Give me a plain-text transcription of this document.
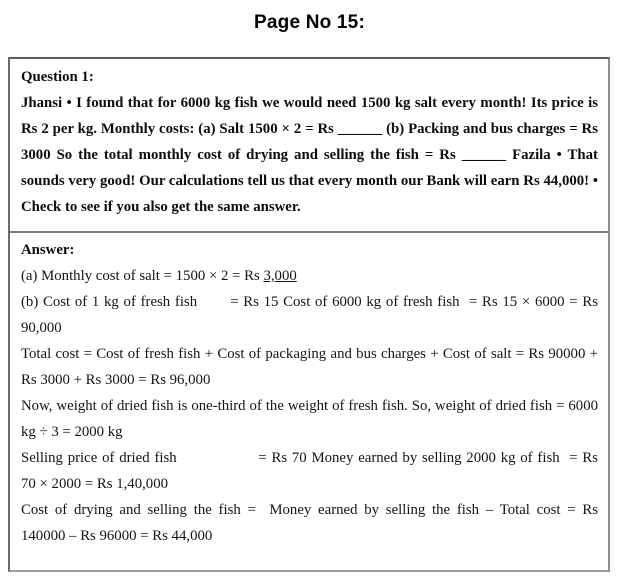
Page No 15:
Question 1:
Jhansi • I found that for 6000 kg fish we would need 1500 kg salt every month! Its price is
Rs 2 per kg. Monthly costs: (a) Salt 1500 × 2 = Rs ______ (b) Packing and bus charges = Rs
3000 So the total monthly cost of drying and selling the fish = Rs ______ Fazila • That
sounds very good! Our calculations tell us that every month our Bank will earn Rs 44,000! •
Check to see if you also get the same answer.
Answer:
(a) Monthly cost of salt = 1500 × 2 = Rs 3,000
(b) Cost of 1 kg of fresh fish       = Rs 15 Cost of 6000 kg of fresh fish  = Rs 15 × 6000 = Rs
90,000
Total cost = Cost of fresh fish + Cost of packaging and bus charges + Cost of salt = Rs 90000 +
Rs 3000 + Rs 3000 = Rs 96,000
Now, weight of dried fish is one-third of the weight of fresh fish. So, weight of dried fish = 6000
kg ÷ 3 = 2000 kg
Selling price of dried fish                 = Rs 70 Money earned by selling 2000 kg of fish  = Rs
70 × 2000 = Rs 1,40,000
Cost of drying and selling the fish =  Money earned by selling the fish – Total cost = Rs
140000 – Rs 96000 = Rs 44,000
